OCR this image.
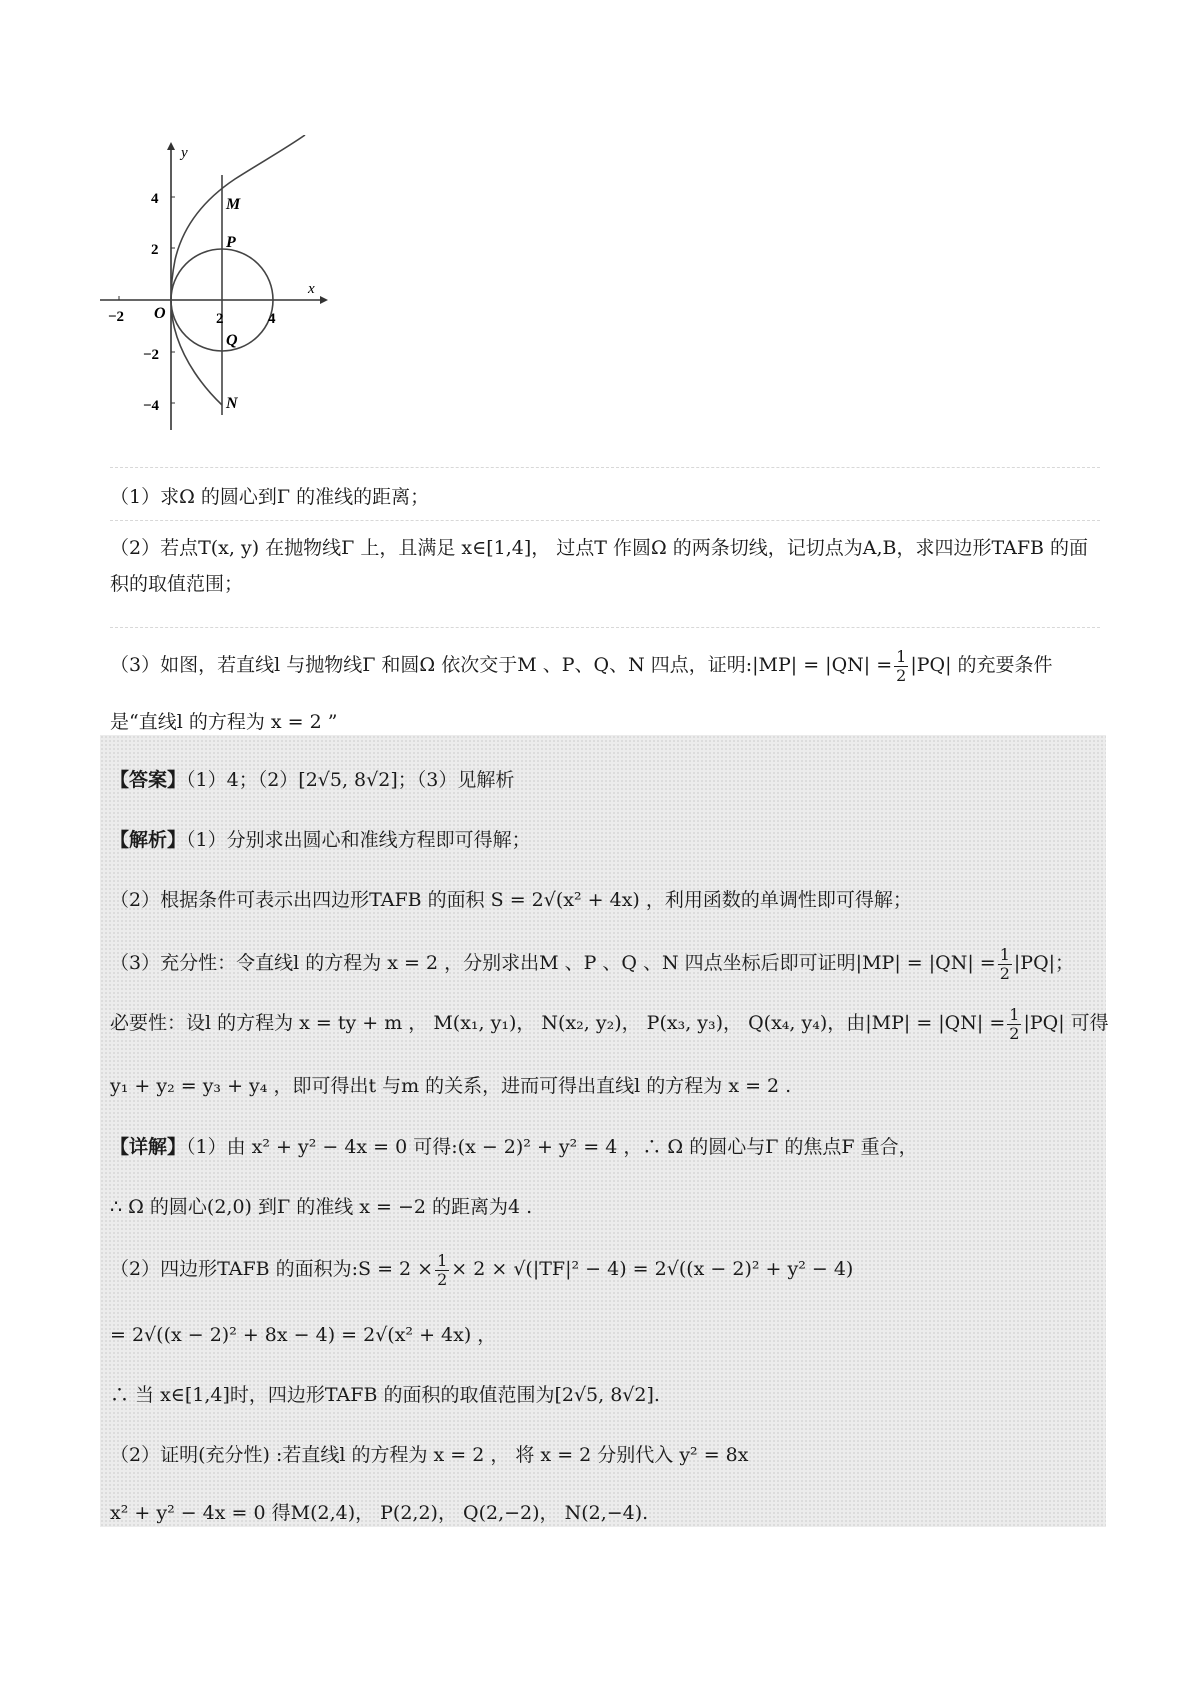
y
x
O
−2	2	4
4
2
−2
−4
M
P
Q
N
（1）求Ω 的圆心到Γ 的准线的距离；
（2）若点T(x, y) 在抛物线Γ 上，且满足 x∈[1,4]， 过点T 作圆Ω 的两条切线，记切点为A,B，求四边形TAFB 的面积的取值范围；
（3）如图，若直线l 与抛物线Γ 和圆Ω 依次交于M 、P、Q、N 四点，证明:|MP| = $|QN| = \frac{1}{2} |PQ|$ 的充要条件
是“直线l 的方程为 x = 2 ”
【答案】（1）4；（2）[2√5, 8√2]；（3）见解析
【解析】（1）分别求出圆心和准线方程即可得解；
（2）根据条件可表示出四边形TAFB 的面积 S = 2√(x² + 4x) ，利用函数的单调性即可得解；
（3）充分性：令直线l 的方程为 x = 2 ，分别求出M 、P 、Q 、N 四点坐标后即可证明$|MP| = |QN| = \frac{1}{2} |PQ|$；
必要性：设l 的方程为 x = ty + m ， M(x₁, y₁)， N(x₂, y₂)， P(x₃, y₃)， Q(x₄, y₄)，由$|MP| = |QN| = \frac{1}{2} |PQ|$ 可得
y₁ + y₂ = y₃ + y₄ ，即可得出t 与m 的关系，进而可得出直线l 的方程为 x = 2 .
【详解】（1）由 x² + y² − 4x = 0 可得:(x − 2)² + y² = 4 ，∴ Ω 的圆心与Γ 的焦点F 重合，
∴ Ω 的圆心(2,0) 到Γ 的准线 x = −2 的距离为4 .
（2）四边形TAFB 的面积为:S = $2 \times \frac{1}{2} \times 2 \times √(|TF|^2 - 4) = 2√((x - 2)^2 + y^2 - 4)$
= 2√((x − 2)² + 8x − 4) = 2√(x² + 4x) ，
∴ 当 x∈[1,4]时，四边形TAFB 的面积的取值范围为[2√5, 8√2].
（2）证明(充分性) :若直线l 的方程为 x = 2 ， 将 x = 2 分别代入 y² = 8x
x² + y² − 4x = 0 得M(2,4)， P(2,2)， Q(2,−2)， N(2,−4).
